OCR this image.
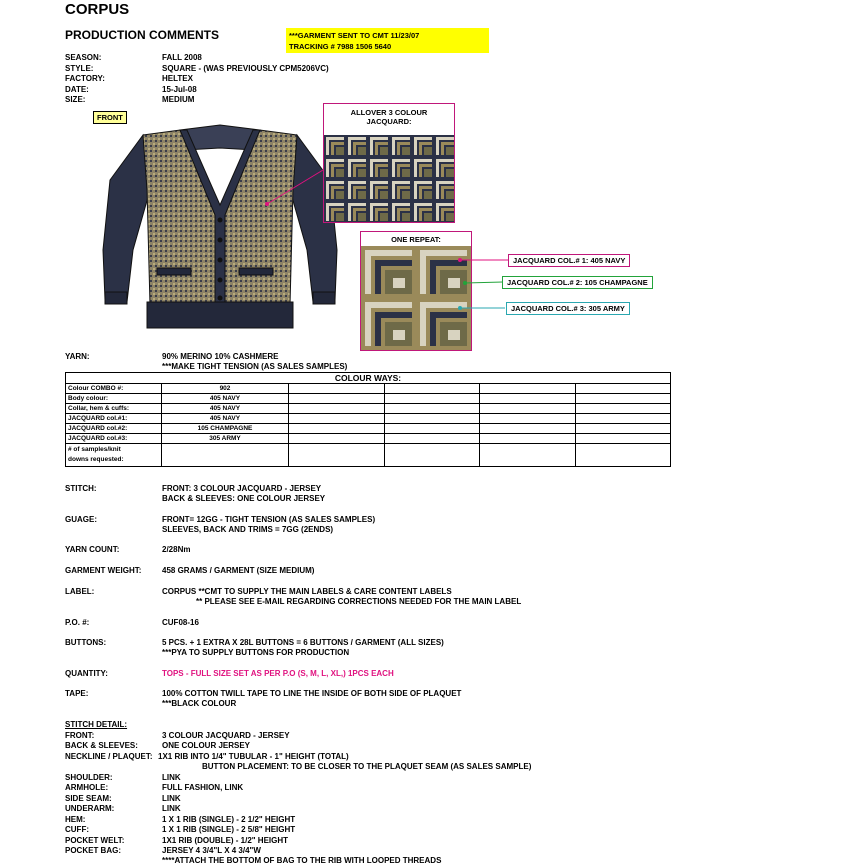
CORPUS
PRODUCTION COMMENTS	***GARMENT SENT TO CMT 11/23/07
TRACKING # 7988 1506 5640
SEASON:	FALL 2008
STYLE:	SQUARE - (WAS PREVIOUSLY CPM5206VC)
FACTORY:	HELTEX
DATE:	15-Jul-08
SIZE:	MEDIUM
FRONT
ALLOVER 3 COLOUR JACQUARD:
ONE REPEAT:
JACQUARD COL.# 1: 405 NAVY
JACQUARD COL.# 2: 105 CHAMPAGNE
JACQUARD COL.# 3: 305 ARMY
YARN:	90% MERINO 10% CASHMERE
***MAKE TIGHT TENSION (AS SALES SAMPLES)
COLOUR WAYS:					
Colour COMBO #:	902				
Body colour:	405 NAVY				
Collar, hem & cuffs:	405 NAVY				
JACQUARD col.#1:	405 NAVY				
JACQUARD col.#2:	105 CHAMPAGNE				
JACQUARD col.#3:	305 ARMY				

# of samples/knit
downs requested:					

STITCH:	FRONT: 3 COLOUR JACQUARD - JERSEY
BACK & SLEEVES: ONE COLOUR JERSEY
GUAGE:	FRONT= 12GG - TIGHT TENSION (AS SALES SAMPLES)
SLEEVES, BACK AND TRIMS = 7GG (2ENDS)
YARN COUNT:	2/28Nm
GARMENT WEIGHT:	458 GRAMS / GARMENT (SIZE MEDIUM)
LABEL:	CORPUS **CMT TO SUPPLY THE MAIN LABELS & CARE CONTENT LABELS
** PLEASE SEE E-MAIL REGARDING CORRECTIONS NEEDED FOR THE MAIN LABEL
P.O. #:	CUF08-16
BUTTONS:	5 PCS. + 1 EXTRA X 28L BUTTONS = 6 BUTTONS / GARMENT (ALL SIZES)
***PYA TO SUPPLY BUTTONS FOR PRODUCTION
QUANTITY:	TOPS - FULL SIZE SET AS PER P.O (S, M, L, XL,) 1PCS EACH
TAPE:	100% COTTON TWILL TAPE TO LINE THE INSIDE OF BOTH SIDE OF PLAQUET
***BLACK COLOUR
STITCH DETAIL:
FRONT:	3 COLOUR JACQUARD - JERSEY
BACK & SLEEVES:	ONE COLOUR JERSEY
NECKLINE / PLAQUET: 1X1 RIB INTO 1/4" TUBULAR - 1" HEIGHT (TOTAL)
BUTTON PLACEMENT: TO BE CLOSER TO THE PLAQUET SEAM (AS SALES SAMPLE)
SHOULDER:	LINK
ARMHOLE:	FULL FASHION, LINK
SIDE SEAM:	LINK
UNDERARM:	LINK
HEM:	1 X 1 RIB (SINGLE) - 2 1/2" HEIGHT
CUFF:	1 X 1 RIB (SINGLE) - 2 5/8" HEIGHT
POCKET WELT:	1X1 RIB (DOUBLE) - 1/2" HEIGHT
POCKET BAG:	JERSEY 4 3/4"L X 4 3/4"W
****ATTACH THE BOTTOM OF BAG TO THE RIB WITH LOOPED THREADS
